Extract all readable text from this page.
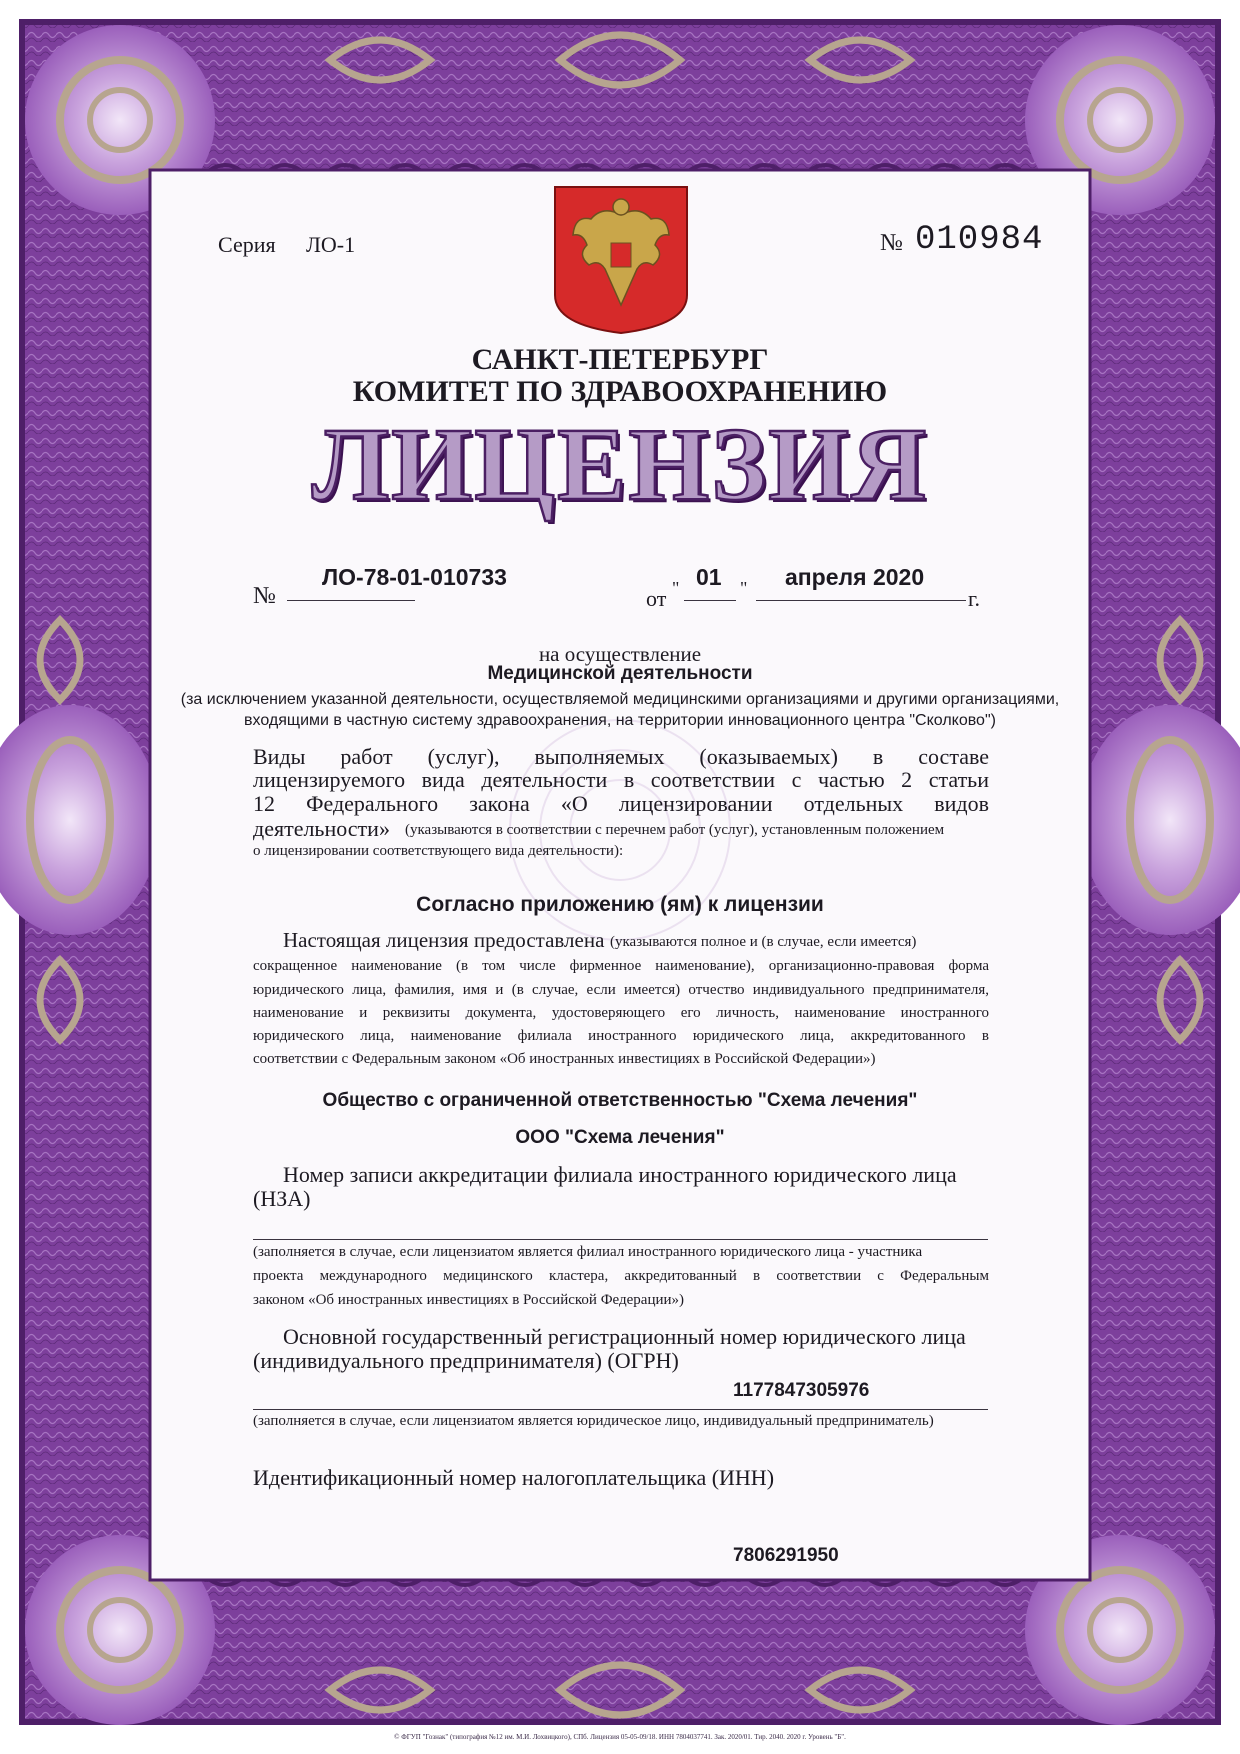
Серия ЛО-1	№ 010984
САНКТ-ПЕТЕРБУРГ
КОМИТЕТ ПО ЗДРАВООХРАНЕНИЮ
ЛИЦЕНЗИЯ
№
ЛО-78-01-010733
от " 01 " апреля 2020
г.
на осуществление
Медицинской деятельности
(за исключением указанной деятельности, осуществляемой медицинскими организациями и другими организациями,
входящими в частную систему здравоохранения, на территории инновационного центра "Сколково")
Виды работ (услуг), выполняемых (оказываемых) в составе
лицензируемого вида деятельности в соответствии с частью 2 статьи
12 Федерального закона «О лицензировании отдельных видов
деятельности» (указываются в соответствии с перечнем работ (услуг), установленным положением
о лицензировании соответствующего вида деятельности):
Согласно приложению (ям) к лицензии
Настоящая лицензия предоставлена (указываются полное и (в случае, если имеется)
сокращенное наименование (в том числе фирменное наименование), организационно-правовая форма
юридического лица, фамилия, имя и (в случае, если имеется) отчество индивидуального предпринимателя,
наименование и реквизиты документа, удостоверяющего его личность, наименование иностранного
юридического лица, наименование филиала иностранного юридического лица, аккредитованного в
соответствии с Федеральным законом «Об иностранных инвестициях в Российской Федерации»)
Общество с ограниченной ответственностью "Схема лечения"
ООО "Схема лечения"
Номер записи аккредитации филиала иностранного юридического лица
(НЗА)
(заполняется в случае, если лицензиатом является филиал иностранного юридического лица - участника
проекта международного медицинского кластера, аккредитованный в соответствии с Федеральным
законом «Об иностранных инвестициях в Российской Федерации»)
Основной государственный регистрационный номер юридического лица
(индивидуального предпринимателя) (ОГРН)
1177847305976
(заполняется в случае, если лицензиатом является юридическое лицо, индивидуальный предприниматель)
Идентификационный номер налогоплательщика (ИНН)
7806291950
© ФГУП "Гознак" (типография №12 им. М.И. Лохвицкого), СПб. Лицензия 05-05-09/18. ИНН 7804037741. Зак. 2020/01. Тир. 2040. 2020 г. Уровень "Б".
